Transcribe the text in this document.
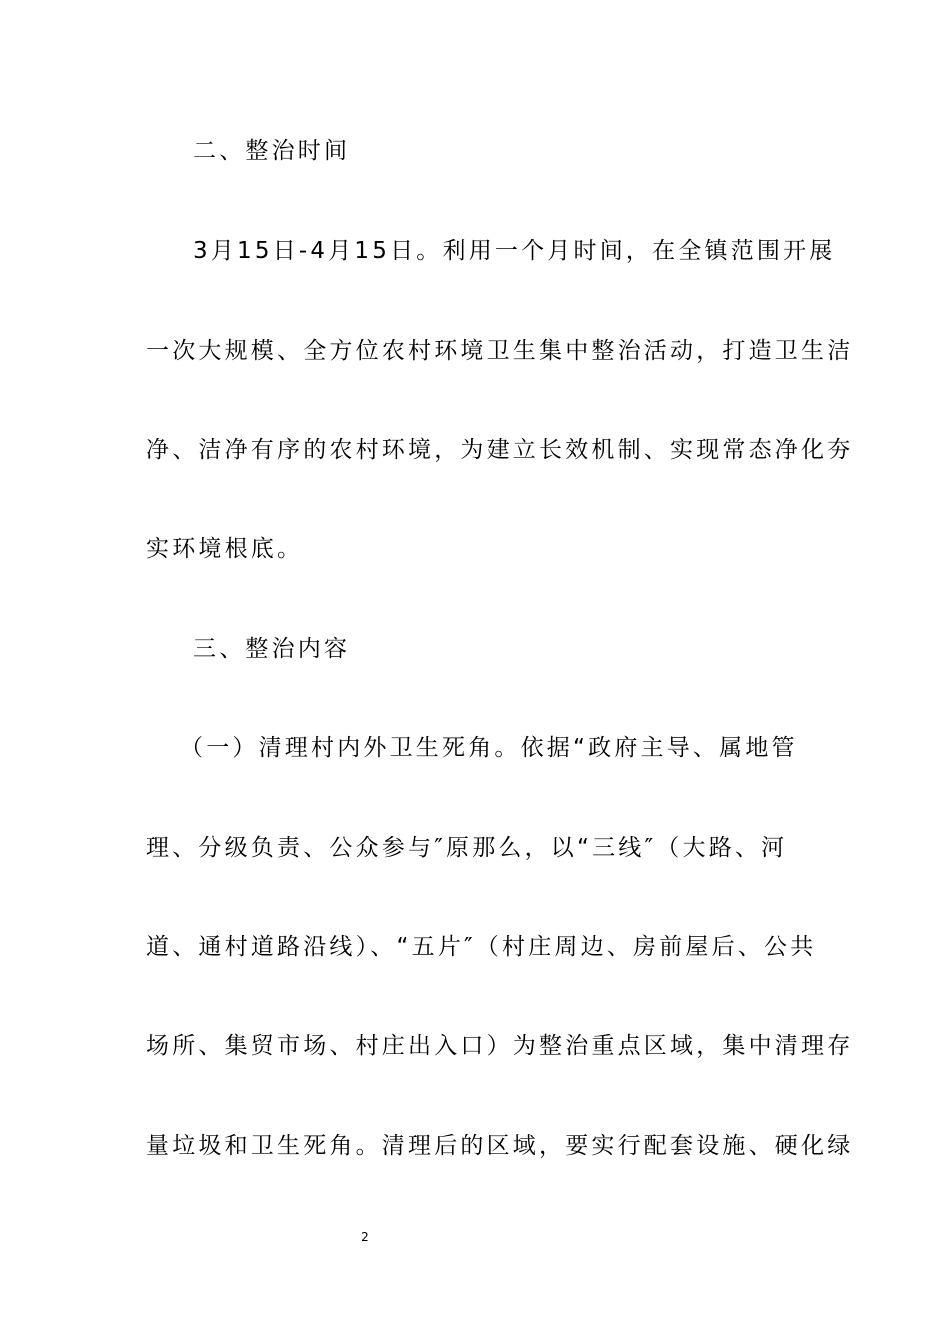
二、整治时间
3月15日-4月15日。利用一个月时间，在全镇范围开展
一次大规模、全方位农村环境卫生集中整治活动，打造卫生洁
净、洁净有序的农村环境，为建立长效机制、实现常态净化夯
实环境根底。
三、整治内容
（一）清理村内外卫生死角。依据“政府主导、属地管
理、分级负责、公众参与″原那么，以“三线″（大路、河
道、通村道路沿线）、“五片″（村庄周边、房前屋后、公共
场所、集贸市场、村庄出入口）为整治重点区域，集中清理存
量垃圾和卫生死角。清理后的区域，要实行配套设施、硬化绿
2
